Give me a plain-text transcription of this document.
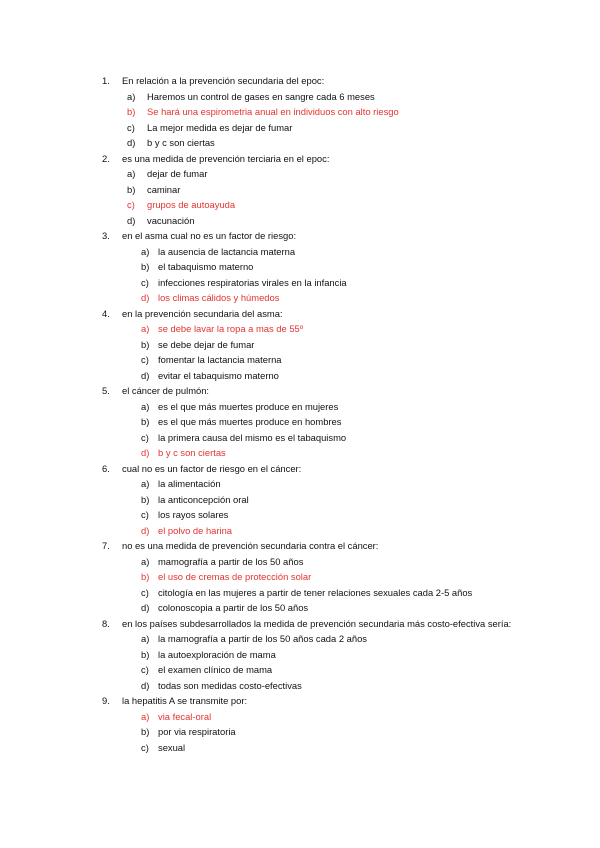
1. En relación a la prevención secundaria del epoc:
a) Haremos un control de gases en sangre cada 6 meses
b) Se hará una espirometria anual en individuos con alto riesgo
c) La mejor medida es dejar de fumar
d) b y c son ciertas
2. es una medida de prevención terciaria en el epoc:
a) dejar de fumar
b) caminar
c) grupos de autoayuda
d) vacunación
3. en el asma cual no es un factor de riesgo:
a) la ausencia de lactancia materna
b) el tabaquismo materno
c) infecciones respiratorias virales en la infancia
d) los climas cálidos y húmedos
4. en la prevención secundaria del asma:
a) se debe lavar la ropa a mas de 55º
b) se debe dejar de fumar
c) fomentar la lactancia materna
d) evitar el tabaquismo materno
5. el cáncer de pulmón:
a) es el que más muertes produce en mujeres
b) es el que más muertes produce en hombres
c) la primera causa del mismo es el tabaquismo
d) b y c son ciertas
6. cual no es un factor de riesgo en el cáncer:
a) la alimentación
b) la anticoncepción oral
c) los rayos solares
d) el polvo de harina
7. no es una medida de prevención secundaria contra el cáncer:
a) mamografía a partir de los 50 años
b) el uso de cremas de protección solar
c) citología en las mujeres a partir de tener relaciones sexuales cada 2-5 años
d) colonoscopia a partir de los 50 años
8. en los países subdesarrollados la medida de prevención secundaria más costo-efectiva sería:
a) la mamografía a partir de los 50 años cada 2 años
b) la autoexploración de mama
c) el examen clínico de mama
d) todas son medidas costo-efectivas
9. la hepatitis A se transmite por:
a) via fecal-oral
b) por via respiratoria
c) sexual
